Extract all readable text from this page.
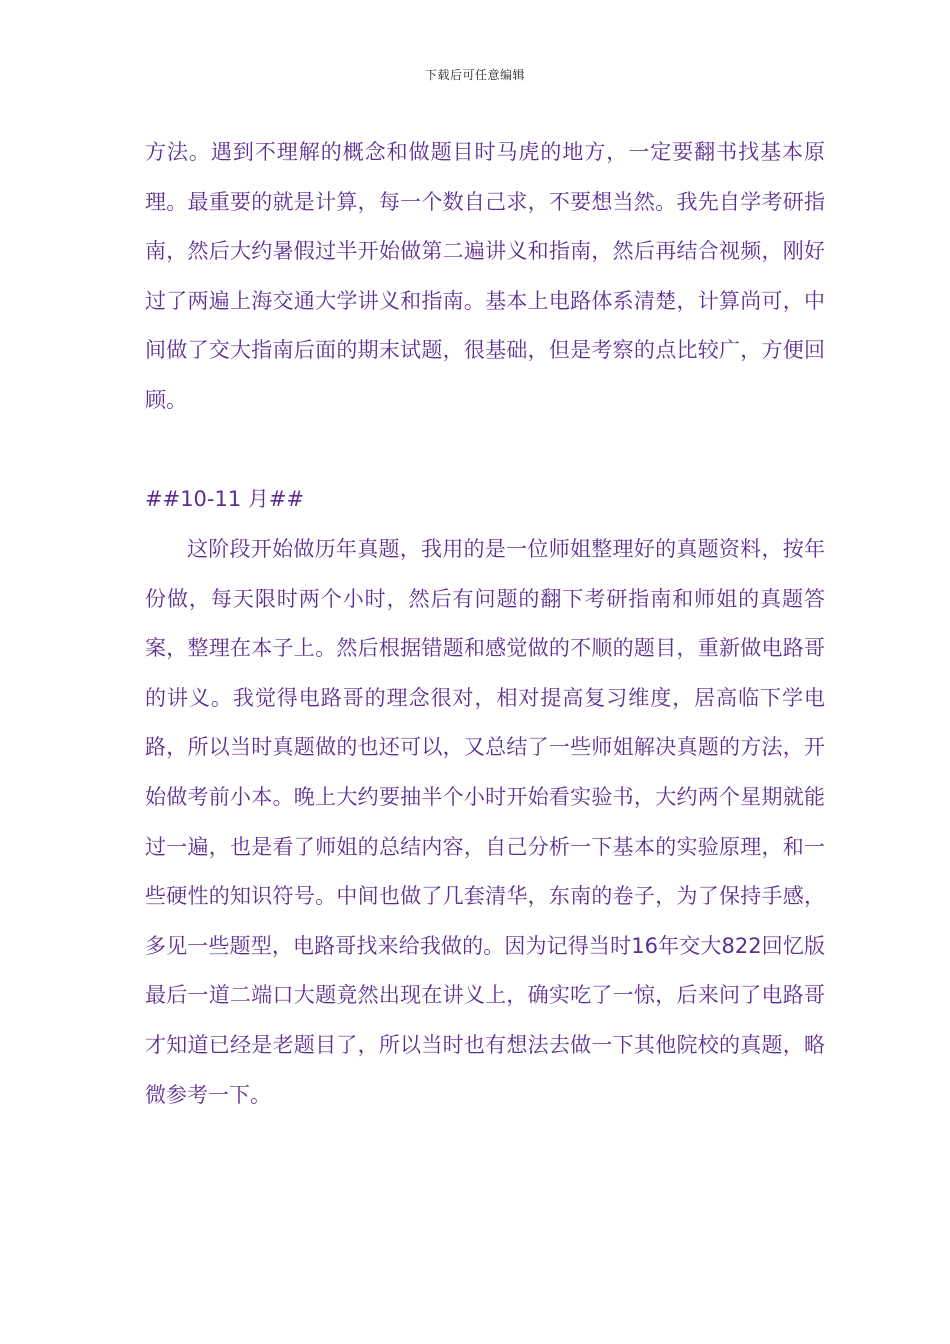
下载后可任意编辑

方法。遇到不理解的概念和做题目时马虎的地方，一定要翻书找基本原理。最重要的就是计算，每一个数自己求，不要想当然。我先自学考研指南，然后大约暑假过半开始做第二遍讲义和指南，然后再结合视频，刚好过了两遍上海交通大学讲义和指南。基本上电路体系清楚，计算尚可，中间做了交大指南后面的期末试题，很基础，但是考察的点比较广，方便回顾。

##10-11 月##

这阶段开始做历年真题，我用的是一位师姐整理好的真题资料，按年份做，每天限时两个小时，然后有问题的翻下考研指南和师姐的真题答案，整理在本子上。然后根据错题和感觉做的不顺的题目，重新做电路哥的讲义。我觉得电路哥的理念很对，相对提高复习维度，居高临下学电路，所以当时真题做的也还可以，又总结了一些师姐解决真题的方法，开始做考前小本。晚上大约要抽半个小时开始看实验书，大约两个星期就能过一遍，也是看了师姐的总结内容，自己分析一下基本的实验原理，和一些硬性的知识符号。中间也做了几套清华，东南的卷子，为了保持手感，多见一些题型，电路哥找来给我做的。因为记得当时16年交大822回忆版最后一道二端口大题竟然出现在讲义上，确实吃了一惊，后来问了电路哥才知道已经是老题目了，所以当时也有想法去做一下其他院校的真题，略微参考一下。
